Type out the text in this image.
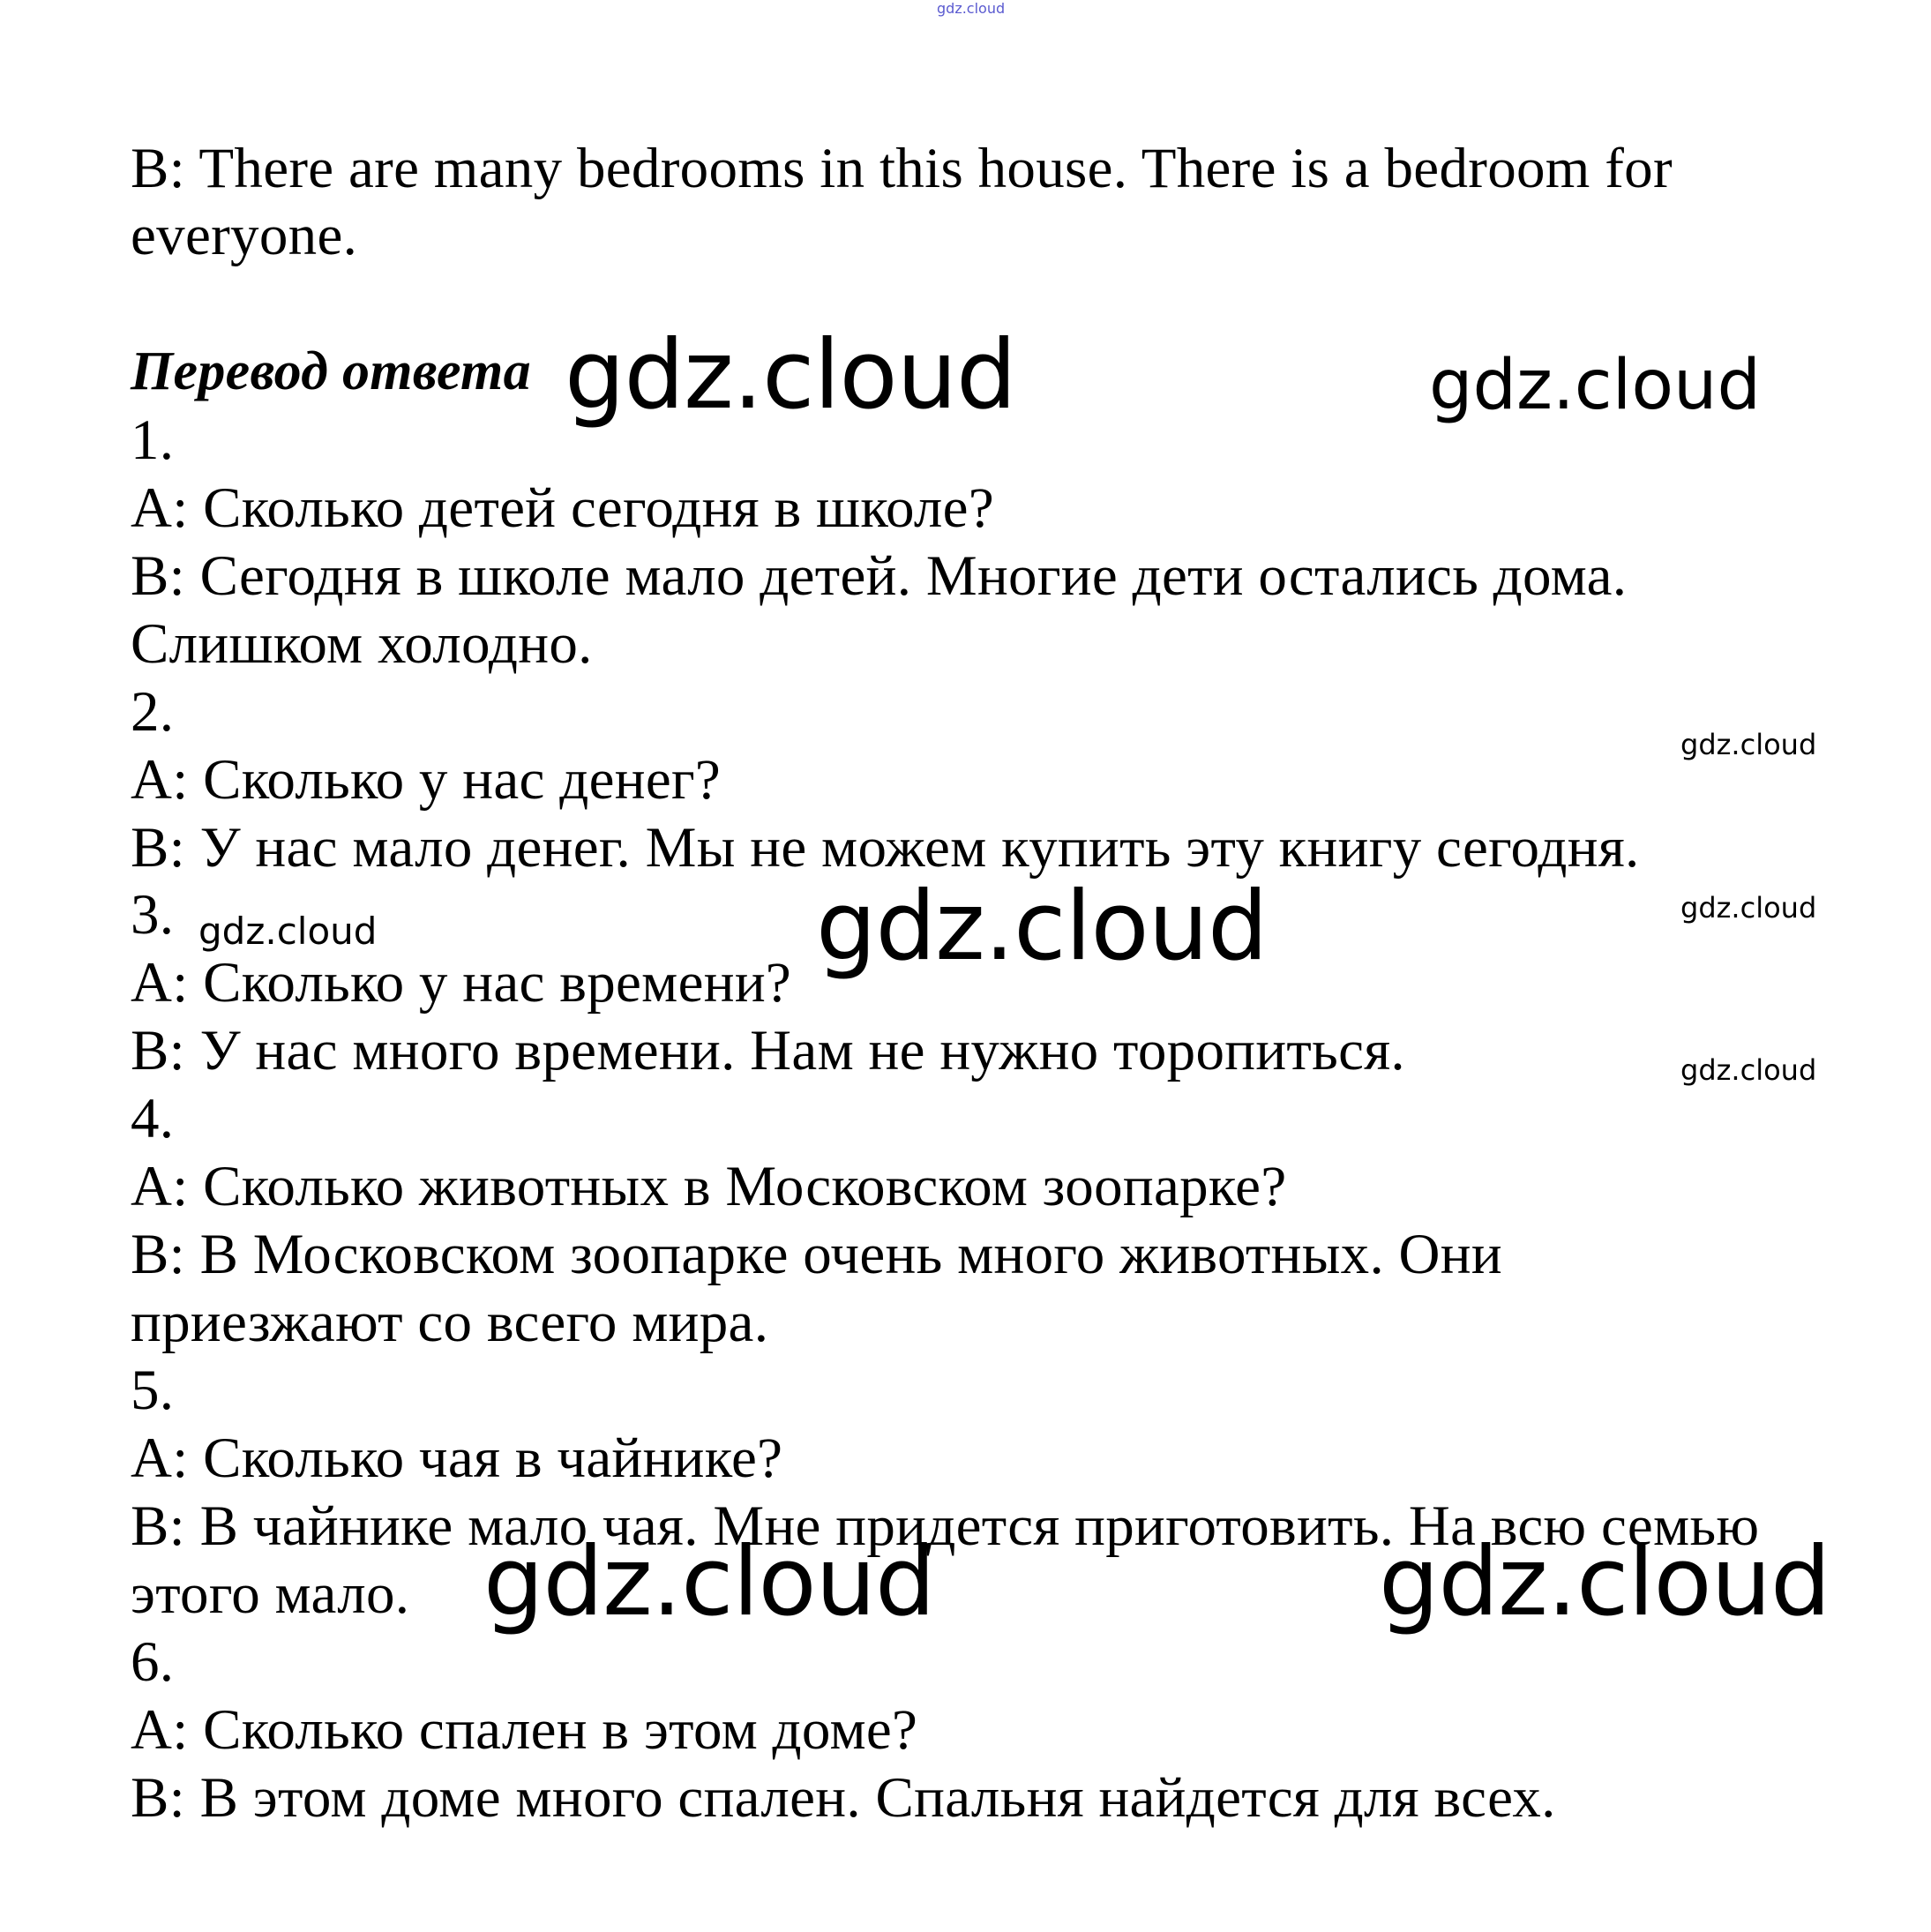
gdz.cloud
B: There are many bedrooms in this house. There is a bedroom for
everyone.
Перевод ответа
1.
A: Сколько детей сегодня в школе?
B: Сегодня в школе мало детей. Многие дети остались дома.
Слишком холодно.
2.
A: Сколько у нас денег?
B: У нас мало денег. Мы не можем купить эту книгу сегодня.
3.
A: Сколько у нас времени?
B: У нас много времени. Нам не нужно торопиться.
4.
A: Сколько животных в Московском зоопарке?
B: В Московском зоопарке очень много животных. Они
приезжают со всего мира.
5.
A: Сколько чая в чайнике?
B: В чайнике мало чая. Мне придется приготовить. На всю семью
этого мало.
6.
A: Сколько спален в этом доме?
B: В этом доме много спален. Спальня найдется для всех.
gdz.cloud	gdz.cloud
gdz.cloud
gdz.cloud	gdz.cloud	gdz.cloud
gdz.cloud
gdz.cloud	gdz.cloud
